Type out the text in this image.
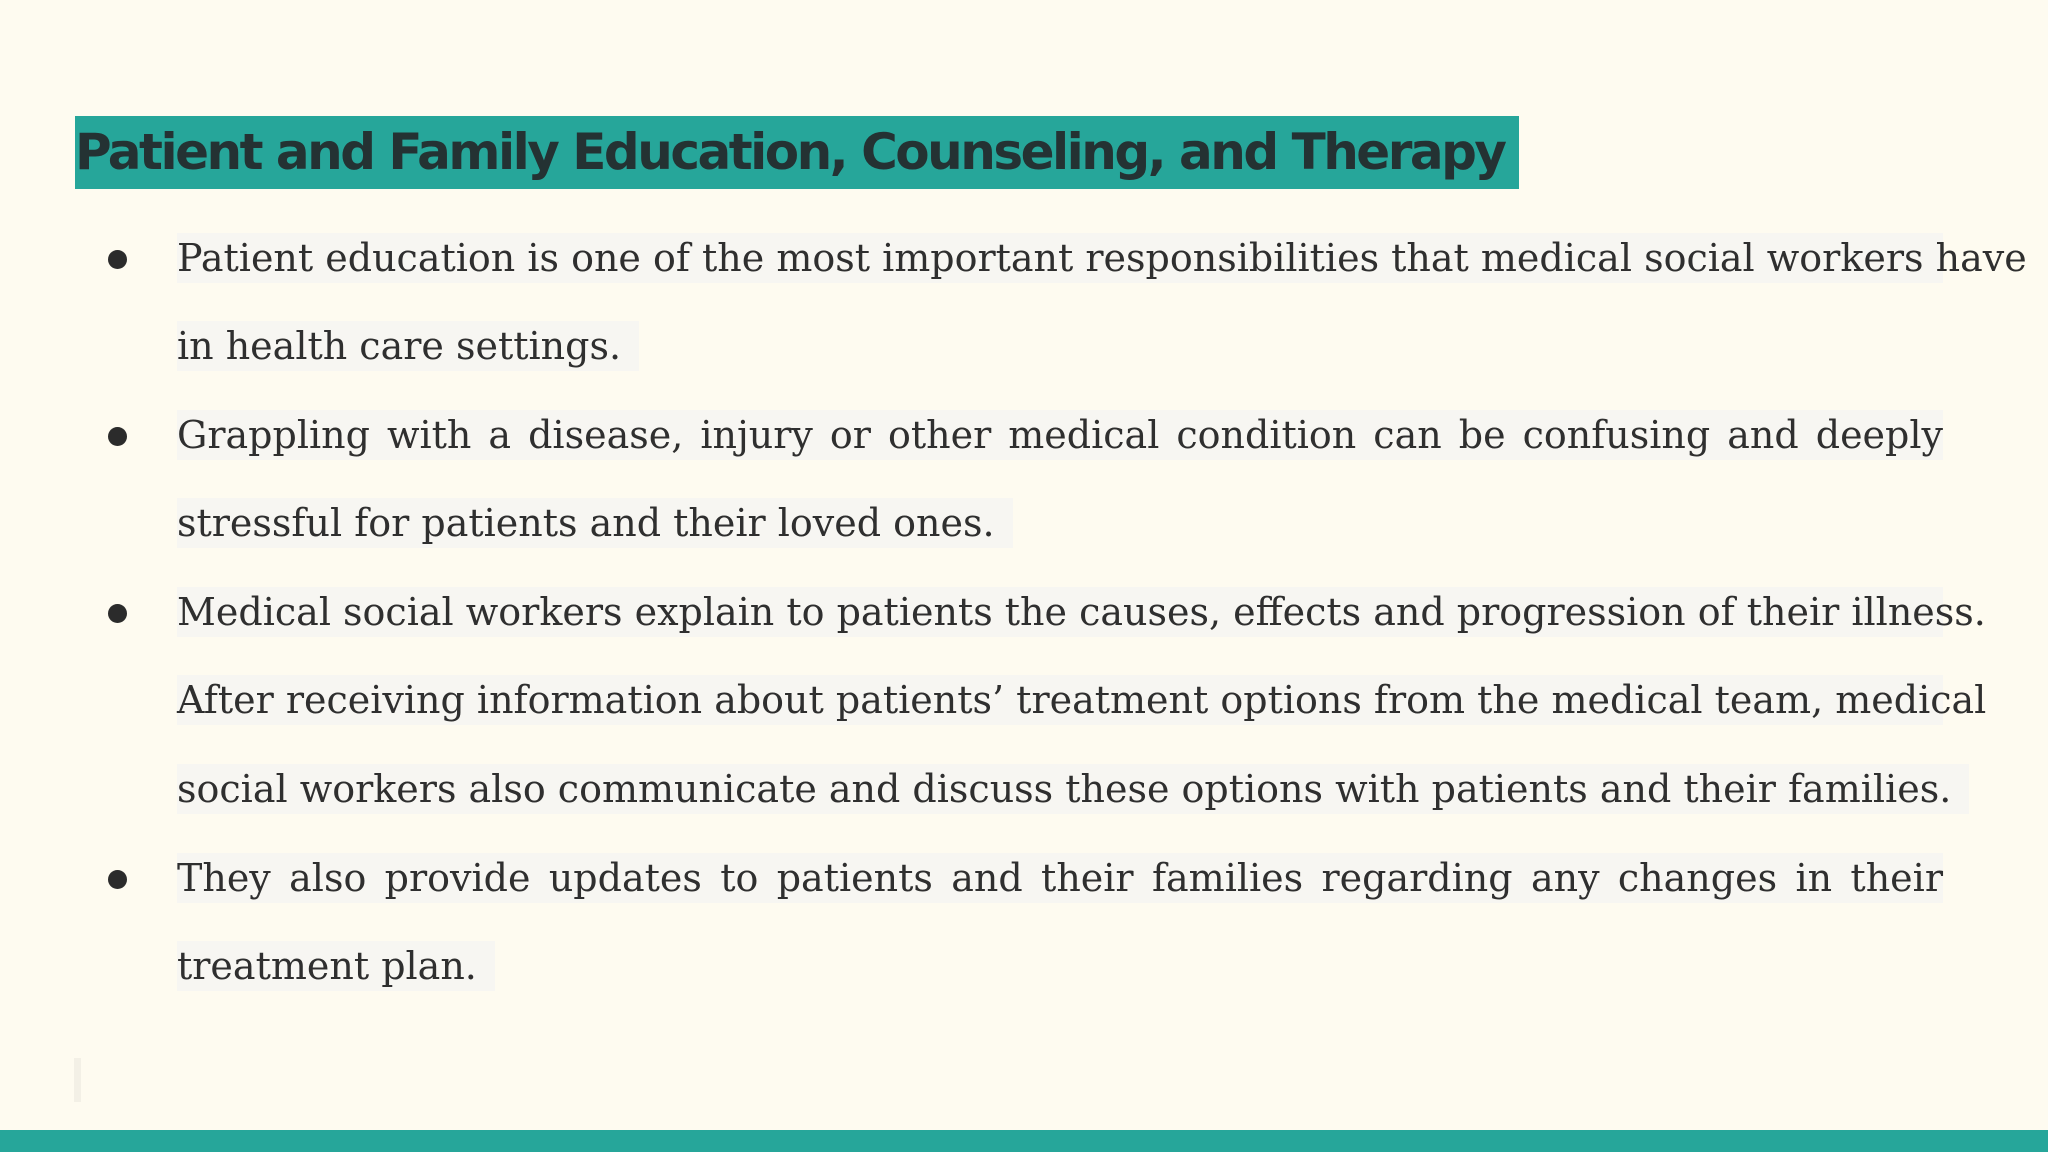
Patient and Family Education, Counseling, and Therapy
Patient education is one of the most important responsibilities that medical social workers have
in health care settings.
Grappling with a disease, injury or other medical condition can be confusing and deeply
stressful for patients and their loved ones.
Medical social workers explain to patients the causes, effects and progression of their illness.
After receiving information about patients’ treatment options from the medical team, medical
social workers also communicate and discuss these options with patients and their families.
They also provide updates to patients and their families regarding any changes in their
treatment plan.
